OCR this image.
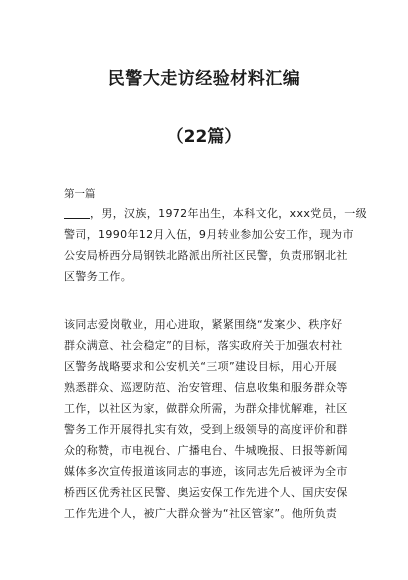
民警大走访经验材料汇编
（22篇）
第一篇
，男，汉族，1972年出生，本科文化，xxx党员，一级
警司，1990年12月入伍，9月转业参加公安工作，现为市
公安局桥西分局钢铁北路派出所社区民警，负责邢钢北社
区警务工作。
该同志爱岗敬业，用心进取，紧紧围绕“发案少、秩序好
群众满意、社会稳定”的目标，落实政府关于加强农村社
区警务战略要求和公安机关“三项”建设目标，用心开展
熟悉群众、巡逻防范、治安管理、信息收集和服务群众等
工作，以社区为家，做群众所需，为群众排忧解难，社区
警务工作开展得扎实有效，受到上级领导的高度评价和群
众的称赞，市电视台、广播电台、牛城晚报、日报等新闻
媒体多次宣传报道该同志的事迹，该同志先后被评为全市
桥西区优秀社区民警、奥运安保工作先进个人、国庆安保
工作先进个人，被广大群众誉为“社区管家”。他所负责
